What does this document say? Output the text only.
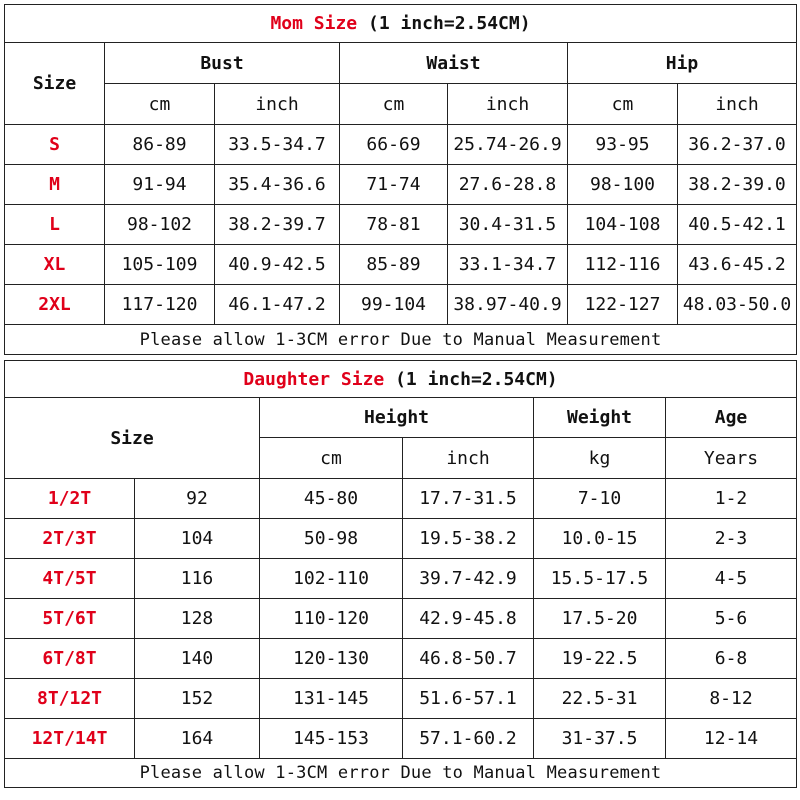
Mom Size (1 inch=2.54CM)						
Size	Bust		Waist		Hip	
	cm	inch	cm	inch	cm	inch
S	86-89	33.5-34.7	66-69	25.74-26.9	93-95	36.2-37.0
M	91-94	35.4-36.6	71-74	27.6-28.8	98-100	38.2-39.0
L	98-102	38.2-39.7	78-81	30.4-31.5	104-108	40.5-42.1
XL	105-109	40.9-42.5	85-89	33.1-34.7	112-116	43.6-45.2
2XL	117-120	46.1-47.2	99-104	38.97-40.9	122-127	48.03-50.0
Please allow 1-3CM error Due to Manual Measurement						
Daughter Size (1 inch=2.54CM)					
Size		Height		Weight	Age
		cm	inch	kg	Years
1/2T	92	45-80	17.7-31.5	7-10	1-2
2T/3T	104	50-98	19.5-38.2	10.0-15	2-3
4T/5T	116	102-110	39.7-42.9	15.5-17.5	4-5
5T/6T	128	110-120	42.9-45.8	17.5-20	5-6
6T/8T	140	120-130	46.8-50.7	19-22.5	6-8
8T/12T	152	131-145	51.6-57.1	22.5-31	8-12
12T/14T	164	145-153	57.1-60.2	31-37.5	12-14
Please allow 1-3CM error Due to Manual Measurement					
